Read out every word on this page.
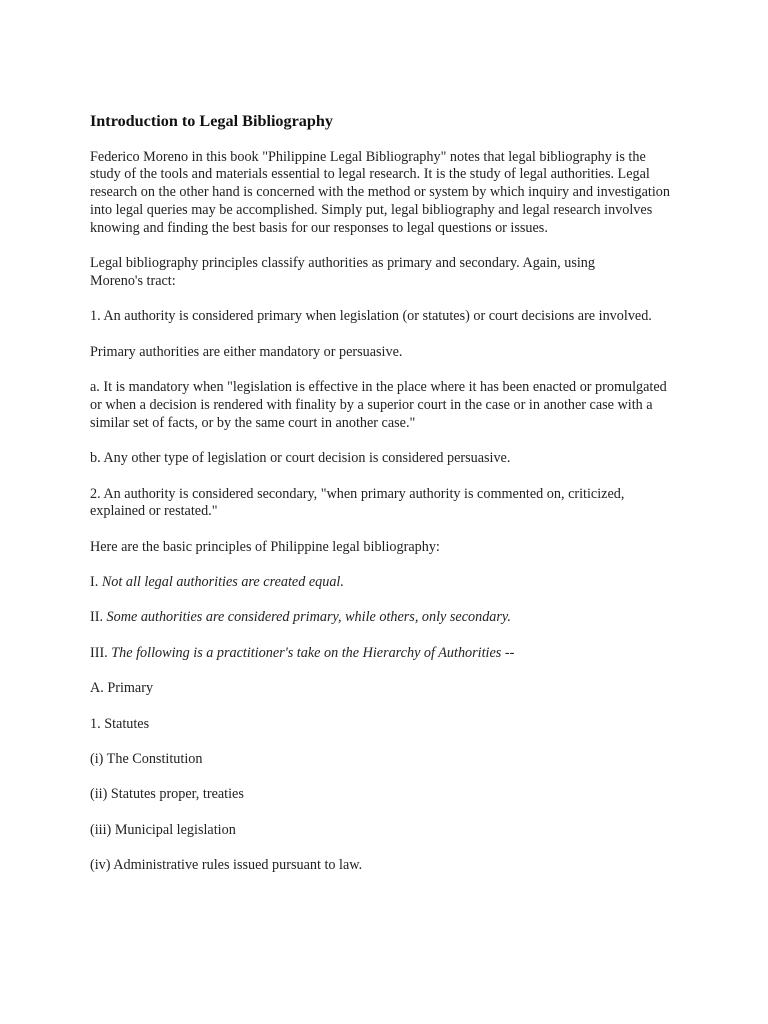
Introduction to Legal Bibliography

Federico Moreno in this book "Philippine Legal Bibliography" notes that legal bibliography is the study of the tools and materials essential to legal research. It is the study of legal authorities. Legal research on the other hand is concerned with the method or system by which inquiry and investigation into legal queries may be accomplished. Simply put, legal bibliography and legal research involves knowing and finding the best basis for our responses to legal questions or issues.

Legal bibliography principles classify authorities as primary and secondary. Again, using Moreno's tract:

1. An authority is considered primary when legislation (or statutes) or court decisions are involved.

Primary authorities are either mandatory or persuasive.

a. It is mandatory when "legislation is effective in the place where it has been enacted or promulgated or when a decision is rendered with finality by a superior court in the case or in another case with a similar set of facts, or by the same court in another case."

b. Any other type of legislation or court decision is considered persuasive.

2. An authority is considered secondary, "when primary authority is commented on, criticized, explained or restated."

Here are the basic principles of Philippine legal bibliography:

I. Not all legal authorities are created equal.

II. Some authorities are considered primary, while others, only secondary.

III. The following is a practitioner's take on the Hierarchy of Authorities --

A. Primary

1. Statutes

(i) The Constitution

(ii) Statutes proper, treaties

(iii) Municipal legislation

(iv) Administrative rules issued pursuant to law.
